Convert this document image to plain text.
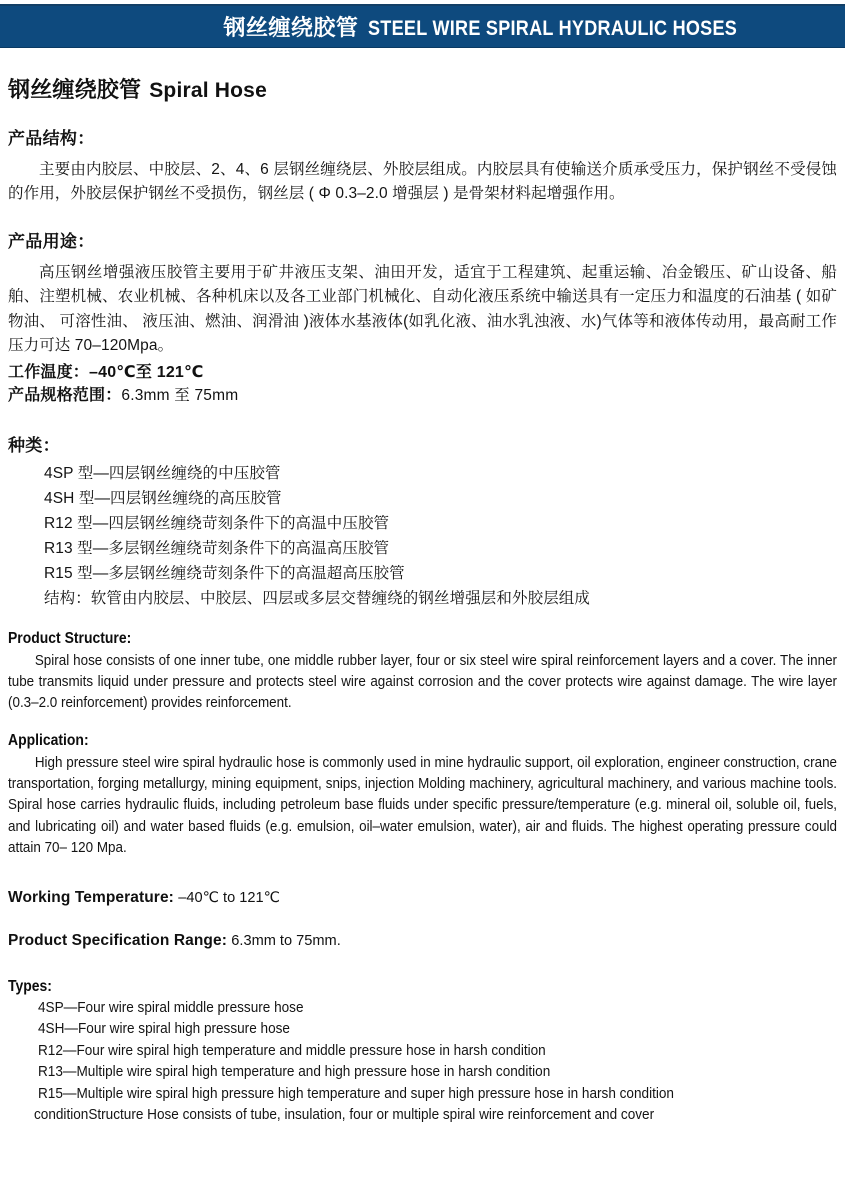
钢丝缠绕胶管 STEEL WIRE SPIRAL HYDRAULIC HOSES
钢丝缠绕胶管 Spiral Hose
产品结构：

主要由内胶层、中胶层、2、4、6 层钢丝缠绕层、外胶层组成。内胶层具有使输送介质承受压力，保护钢丝不受侵蚀的作用，外胶层保护钢丝不受损伤，钢丝层 ( Φ 0.3–2.0 增强层 ) 是骨架材料起增强作用。

产品用途：

高压钢丝增强液压胶管主要用于矿井液压支架、油田开发，适宜于工程建筑、起重运输、冶金锻压、矿山设备、船舶、注塑机械、农业机械、各种机床以及各工业部门机械化、自动化液压系统中输送具有一定压力和温度的石油基 ( 如矿物油、 可溶性油、 液压油、燃油、润滑油 )液体水基液体(如乳化液、油水乳浊液、水)气体等和液体传动用，最高耐工作压力可达 70–120Mpa。

工作温度：–40℃至 121℃

产品规格范围：6.3mm 至 75mm

种类：
4SP 型—四层钢丝缠绕的中压胶管
4SH 型—四层钢丝缠绕的高压胶管
R12 型—四层钢丝缠绕苛刻条件下的高温中压胶管
R13 型—多层钢丝缠绕苛刻条件下的高温高压胶管
R15 型—多层钢丝缠绕苛刻条件下的高温超高压胶管
结构：软管由内胶层、中胶层、四层或多层交替缠绕的钢丝增强层和外胶层组成
Product Structure:

Spiral hose consists of one inner tube, one middle rubber layer, four or six steel wire spiral reinforcement layers and a cover. The inner tube transmits liquid under pressure and protects steel wire against corrosion and the cover protects wire against damage. The wire layer (0.3–2.0 reinforcement) provides reinforcement.

Application:

High pressure steel wire spiral hydraulic hose is commonly used in mine hydraulic support, oil exploration, engineer construction, crane transportation, forging metallurgy, mining equipment, snips, injection Molding machinery, agricultural machinery, and various machine tools. Spiral hose carries hydraulic fluids, including petroleum base fluids under specific pressure/temperature (e.g. mineral oil, soluble oil, fuels, and lubricating oil) and water based fluids (e.g. emulsion, oil–water emulsion, water), air and fluids. The highest operating pressure could attain 70– 120 Mpa.

Working Temperature: –40℃ to 121℃

Product Specification Range: 6.3mm to 75mm.

Types:
4SP—Four wire spiral middle pressure hose
4SH—Four wire spiral high pressure hose
R12—Four wire spiral high temperature and middle pressure hose in harsh condition
R13—Multiple wire spiral high temperature and high pressure hose in harsh condition
R15—Multiple wire spiral high pressure high temperature and super high pressure hose in harsh condition
conditionStructure Hose consists of tube, insulation, four or multiple spiral wire reinforcement and cover
